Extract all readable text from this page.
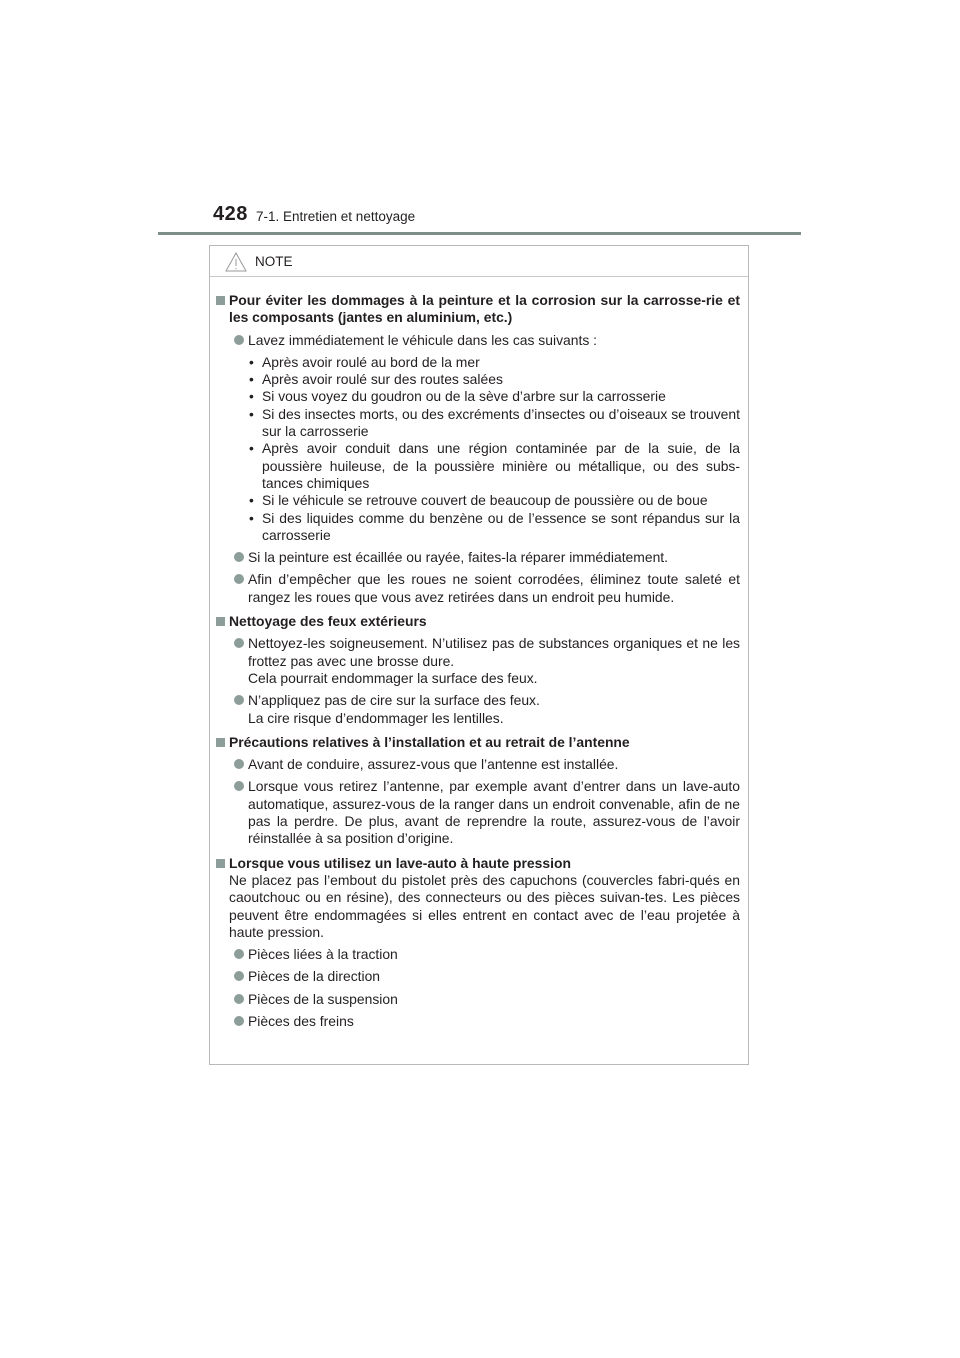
428 7-1. Entretien et nettoyage
NOTE
Pour éviter les dommages à la peinture et la corrosion sur la carrosse-rie et les composants (jantes en aluminium, etc.)
Lavez immédiatement le véhicule dans les cas suivants :
• Après avoir roulé au bord de la mer
• Après avoir roulé sur des routes salées
• Si vous voyez du goudron ou de la sève d’arbre sur la carrosserie
• Si des insectes morts, ou des excréments d’insectes ou d’oiseaux se trouvent sur la carrosserie
• Après avoir conduit dans une région contaminée par de la suie, de la poussière huileuse, de la poussière minière ou métallique, ou des subs-tances chimiques
• Si le véhicule se retrouve couvert de beaucoup de poussière ou de boue
• Si des liquides comme du benzène ou de l’essence se sont répandus sur la carrosserie
Si la peinture est écaillée ou rayée, faites-la réparer immédiatement.
Afin d’empêcher que les roues ne soient corrodées, éliminez toute saleté et rangez les roues que vous avez retirées dans un endroit peu humide.
Nettoyage des feux extérieurs
Nettoyez-les soigneusement. N’utilisez pas de substances organiques et ne les frottez pas avec une brosse dure.
Cela pourrait endommager la surface des feux.
N’appliquez pas de cire sur la surface des feux.
La cire risque d’endommager les lentilles.
Précautions relatives à l’installation et au retrait de l’antenne
Avant de conduire, assurez-vous que l’antenne est installée.
Lorsque vous retirez l’antenne, par exemple avant d’entrer dans un lave-auto automatique, assurez-vous de la ranger dans un endroit convenable, afin de ne pas la perdre. De plus, avant de reprendre la route, assurez-vous de l’avoir réinstallée à sa position d’origine.
Lorsque vous utilisez un lave-auto à haute pression
Ne placez pas l’embout du pistolet près des capuchons (couvercles fabri-qués en caoutchouc ou en résine), des connecteurs ou des pièces suivan-tes. Les pièces peuvent être endommagées si elles entrent en contact avec de l’eau projetée à haute pression.
Pièces liées à la traction
Pièces de la direction
Pièces de la suspension
Pièces des freins
